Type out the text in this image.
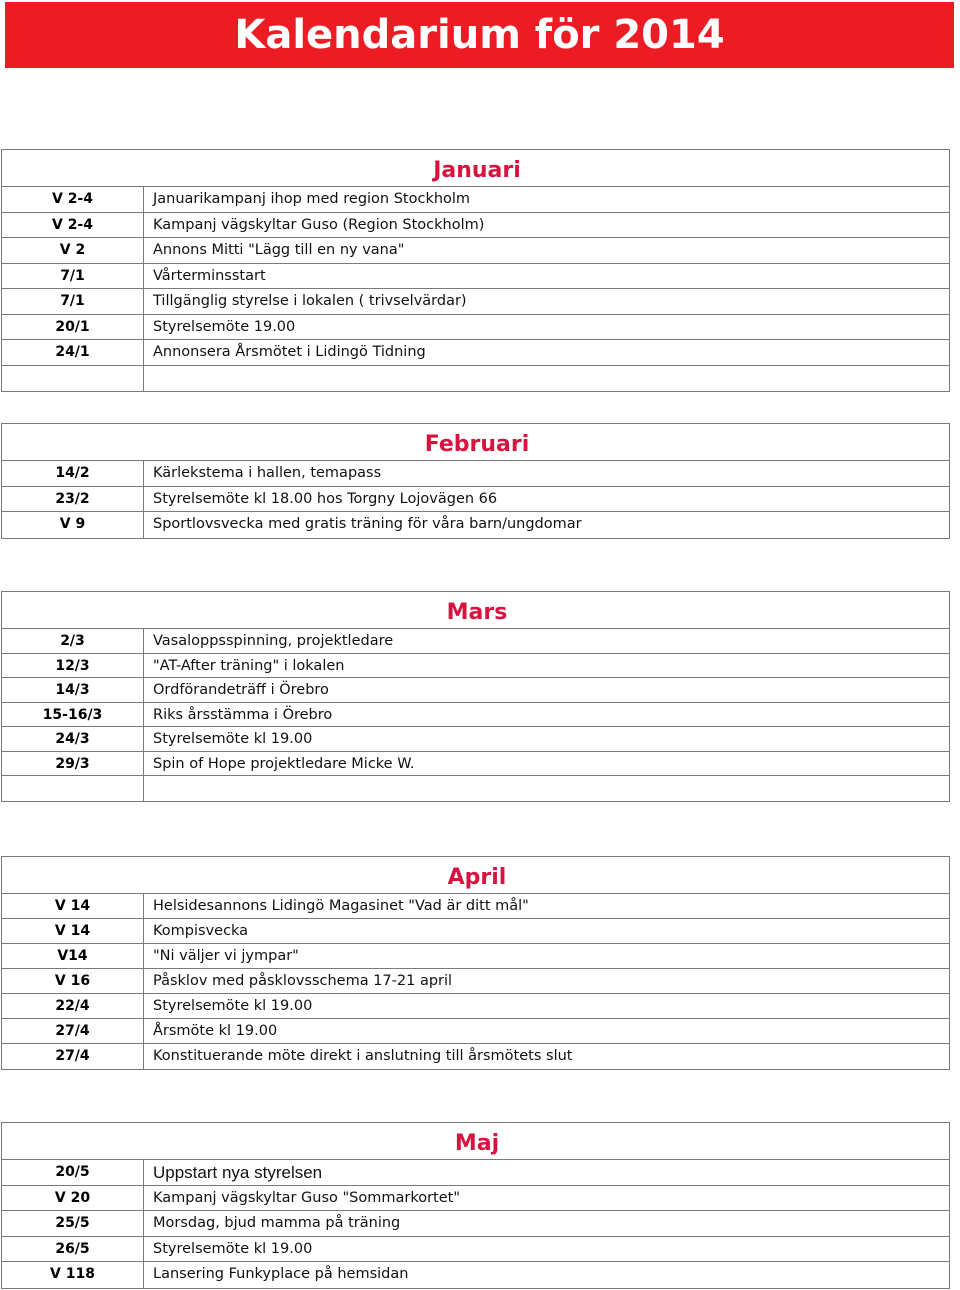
Kalendarium för 2014
Januari
V 2-4	Januarikampanj ihop med region Stockholm
V 2-4	Kampanj vägskyltar Guso (Region Stockholm)
V 2	Annons Mitti "Lägg till en ny vana"
7/1	Vårterminsstart
7/1	Tillgänglig styrelse i lokalen ( trivselvärdar)
20/1	Styrelsemöte 19.00
24/1	Annonsera Årsmötet i Lidingö Tidning
Februari
14/2	Kärlekstema i hallen, temapass
23/2	Styrelsemöte kl 18.00 hos Torgny Lojovägen 66
V 9	Sportlovsvecka med gratis träning för våra barn/ungdomar
Mars
2/3	Vasaloppsspinning, projektledare
12/3	"AT-After träning" i lokalen
14/3	Ordförandeträff i Örebro
15-16/3	Riks årsstämma i Örebro
24/3	Styrelsemöte kl 19.00
29/3	Spin of Hope projektledare Micke W.
April
V 14	Helsidesannons Lidingö Magasinet "Vad är ditt mål"
V 14	Kompisvecka
V14	"Ni väljer vi jympar"
V 16	Påsklov med påsklovsschema 17-21 april
22/4	Styrelsemöte kl 19.00
27/4	Årsmöte kl 19.00
27/4	Konstituerande möte direkt i anslutning till årsmötets slut
Maj
20/5	Uppstart nya styrelsen
V 20	Kampanj vägskyltar Guso "Sommarkortet"
25/5	Morsdag, bjud mamma på träning
26/5	Styrelsemöte kl 19.00
V 118	Lansering Funkyplace på hemsidan
